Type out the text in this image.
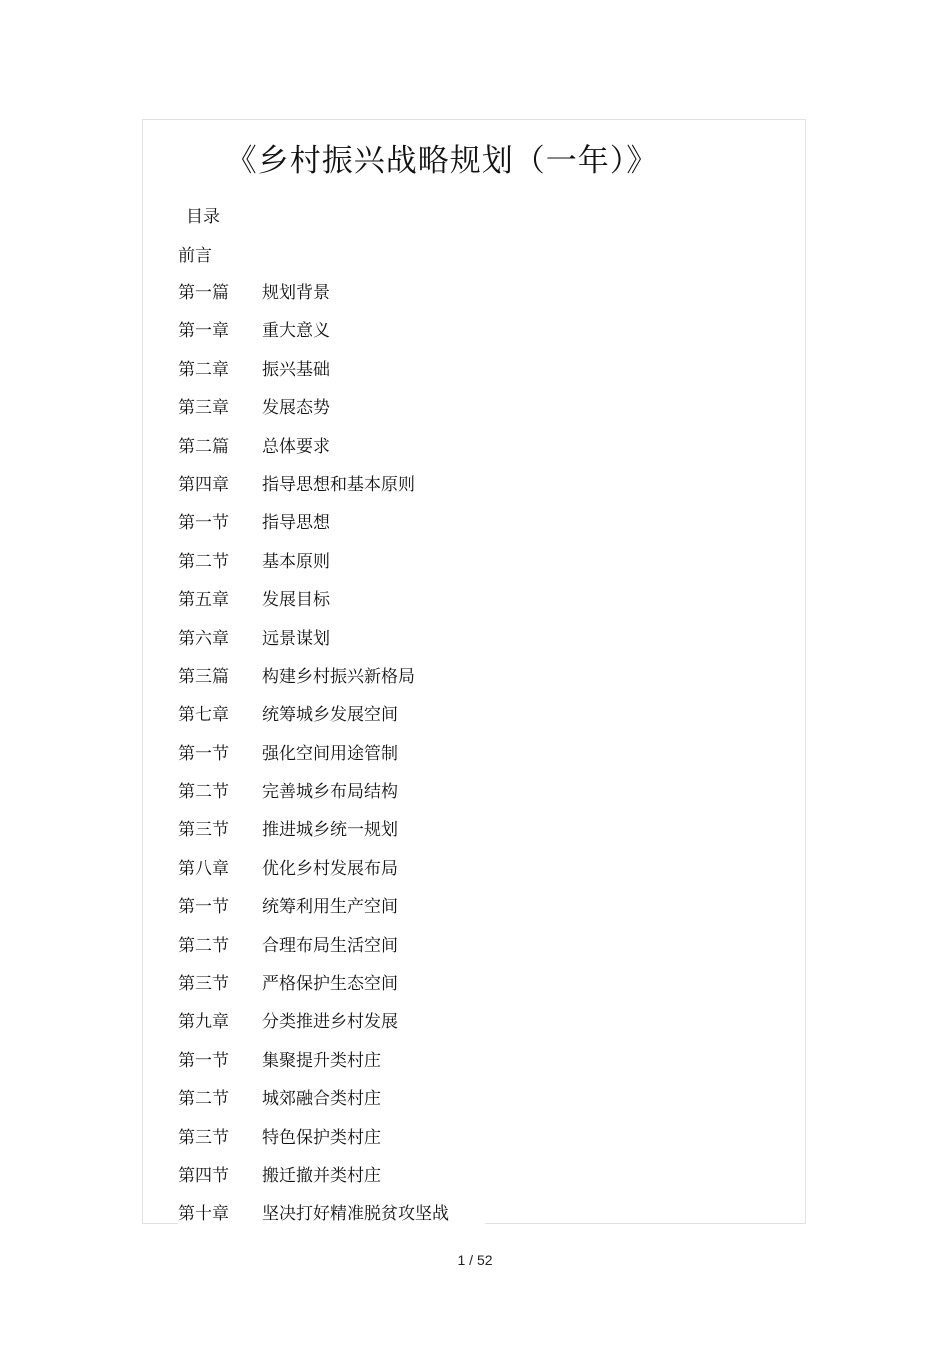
《乡村振兴战略规划（一年）》
目录
前言
第一篇 规划背景
第一章 重大意义
第二章 振兴基础
第三章 发展态势
第二篇 总体要求
第四章 指导思想和基本原则
第一节 指导思想
第二节 基本原则
第五章 发展目标
第六章 远景谋划
第三篇 构建乡村振兴新格局
第七章 统筹城乡发展空间
第一节 强化空间用途管制
第二节 完善城乡布局结构
第三节 推进城乡统一规划
第八章 优化乡村发展布局
第一节 统筹利用生产空间
第二节 合理布局生活空间
第三节 严格保护生态空间
第九章 分类推进乡村发展
第一节 集聚提升类村庄
第二节 城郊融合类村庄
第三节 特色保护类村庄
第四节 搬迁撤并类村庄
第十章 坚决打好精准脱贫攻坚战
1 / 52
